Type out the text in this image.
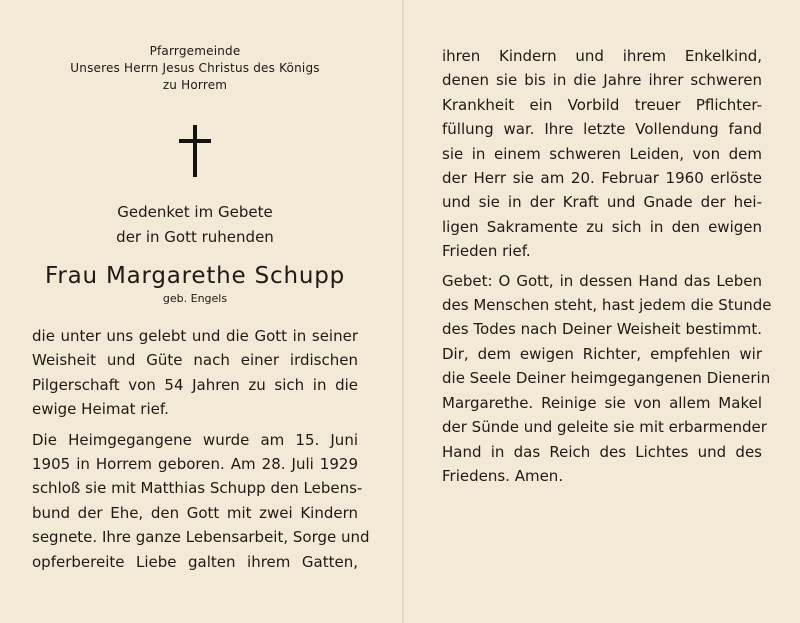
Pfarrgemeinde
Unseres Herrn Jesus Christus des Königs
zu Horrem
Gedenket im Gebete
der in Gott ruhenden
Frau Margarethe Schupp
geb. Engels

die unter uns gelebt und die Gott in seiner
Weisheit und Güte nach einer irdischen
Pilgerschaft von 54 Jahren zu sich in die
ewige Heimat rief.

Die Heimgegangene wurde am 15. Juni
1905 in Horrem geboren. Am 28. Juli 1929
schloß sie mit Matthias Schupp den Lebens-
bund der Ehe, den Gott mit zwei Kindern
segnete. Ihre ganze Lebensarbeit, Sorge und
opferbereite Liebe galten ihrem Gatten,

ihren Kindern und ihrem Enkelkind,
denen sie bis in die Jahre ihrer schweren
Krankheit ein Vorbild treuer Pflichter-
füllung war. Ihre letzte Vollendung fand
sie in einem schweren Leiden, von dem
der Herr sie am 20. Februar 1960 erlöste
und sie in der Kraft und Gnade der hei-
ligen Sakramente zu sich in den ewigen
Frieden rief.

Gebet: O Gott, in dessen Hand das Leben
des Menschen steht, hast jedem die Stunde
des Todes nach Deiner Weisheit bestimmt.
Dir, dem ewigen Richter, empfehlen wir
die Seele Deiner heimgegangenen Dienerin
Margarethe. Reinige sie von allem Makel
der Sünde und geleite sie mit erbarmender
Hand in das Reich des Lichtes und des
Friedens. Amen.
